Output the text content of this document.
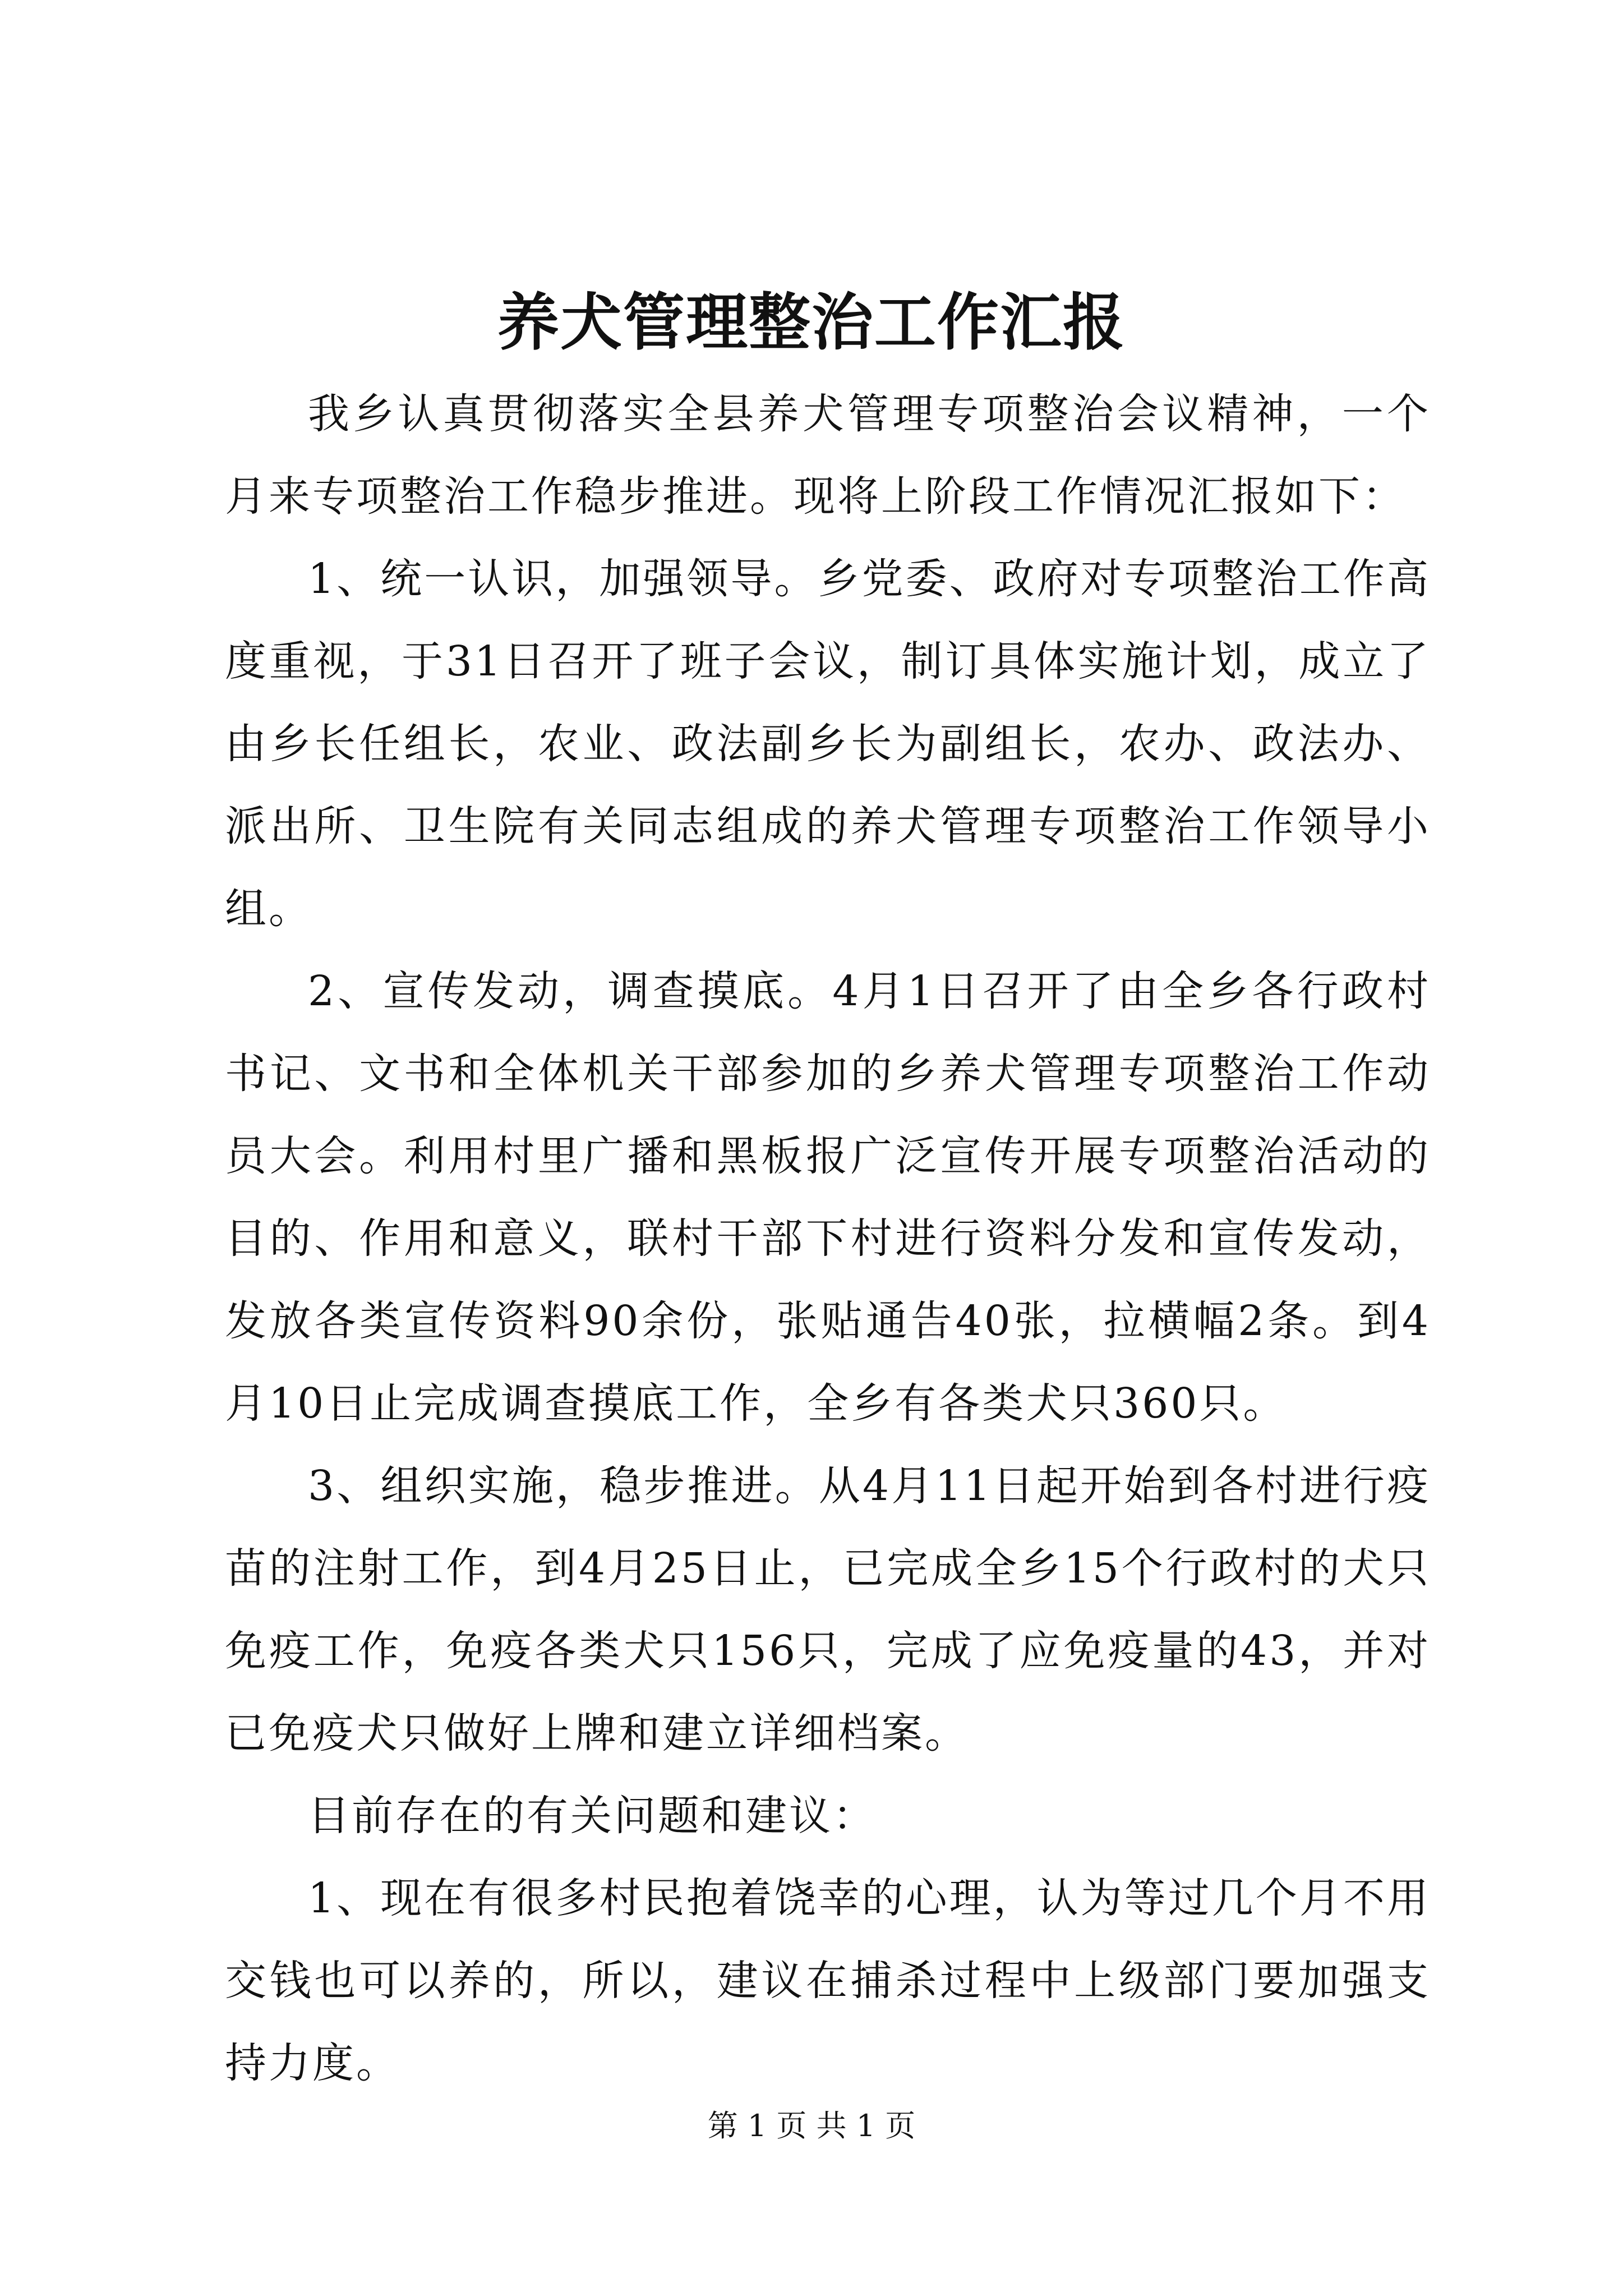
养犬管理整治工作汇报

我乡认真贯彻落实全县养犬管理专项整治会议精神，一个月来专项整治工作稳步推进。现将上阶段工作情况汇报如下：

1、统一认识，加强领导。乡党委、政府对专项整治工作高度重视，于31日召开了班子会议，制订具体实施计划，成立了由乡长任组长，农业、政法副乡长为副组长，农办、政法办、派出所、卫生院有关同志组成的养犬管理专项整治工作领导小组。

2、宣传发动，调查摸底。4月1日召开了由全乡各行政村书记、文书和全体机关干部参加的乡养犬管理专项整治工作动员大会。利用村里广播和黑板报广泛宣传开展专项整治活动的目的、作用和意义，联村干部下村进行资料分发和宣传发动，发放各类宣传资料90余份，张贴通告40张，拉横幅2条。到4月10日止完成调查摸底工作，全乡有各类犬只360只。

3、组织实施，稳步推进。从4月11日起开始到各村进行疫苗的注射工作，到4月25日止，已完成全乡15个行政村的犬只免疫工作，免疫各类犬只156只，完成了应免疫量的43，并对已免疫犬只做好上牌和建立详细档案。

目前存在的有关问题和建议：

1、现在有很多村民抱着饶幸的心理，认为等过几个月不用交钱也可以养的，所以，建议在捕杀过程中上级部门要加强支持力度。

第 1 页 共 1 页
